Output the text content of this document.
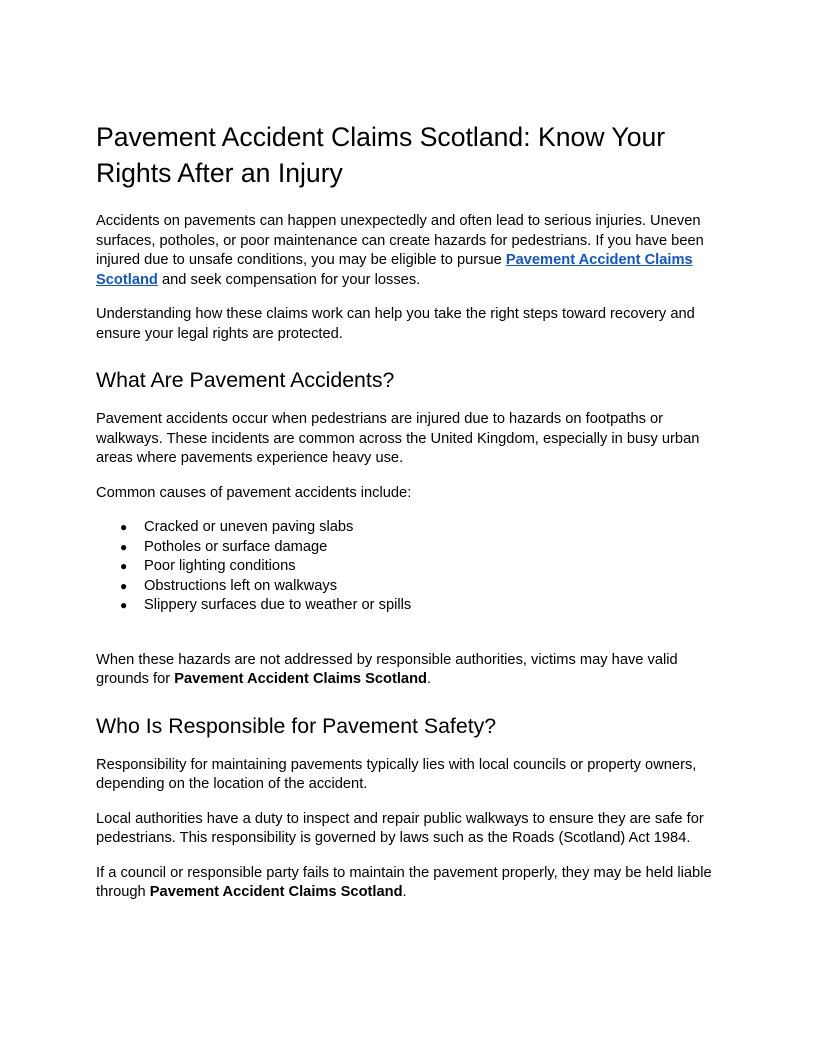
Pavement Accident Claims Scotland: Know Your Rights After an Injury

Accidents on pavements can happen unexpectedly and often lead to serious injuries. Uneven surfaces, potholes, or poor maintenance can create hazards for pedestrians. If you have been injured due to unsafe conditions, you may be eligible to pursue Pavement Accident Claims Scotland and seek compensation for your losses.

Understanding how these claims work can help you take the right steps toward recovery and ensure your legal rights are protected.

What Are Pavement Accidents?

Pavement accidents occur when pedestrians are injured due to hazards on footpaths or walkways. These incidents are common across the United Kingdom, especially in busy urban areas where pavements experience heavy use.

Common causes of pavement accidents include:

● Cracked or uneven paving slabs
● Potholes or surface damage
● Poor lighting conditions
● Obstructions left on walkways
● Slippery surfaces due to weather or spills

When these hazards are not addressed by responsible authorities, victims may have valid grounds for Pavement Accident Claims Scotland.

Who Is Responsible for Pavement Safety?

Responsibility for maintaining pavements typically lies with local councils or property owners, depending on the location of the accident.

Local authorities have a duty to inspect and repair public walkways to ensure they are safe for pedestrians. This responsibility is governed by laws such as the Roads (Scotland) Act 1984.

If a council or responsible party fails to maintain the pavement properly, they may be held liable through Pavement Accident Claims Scotland.
